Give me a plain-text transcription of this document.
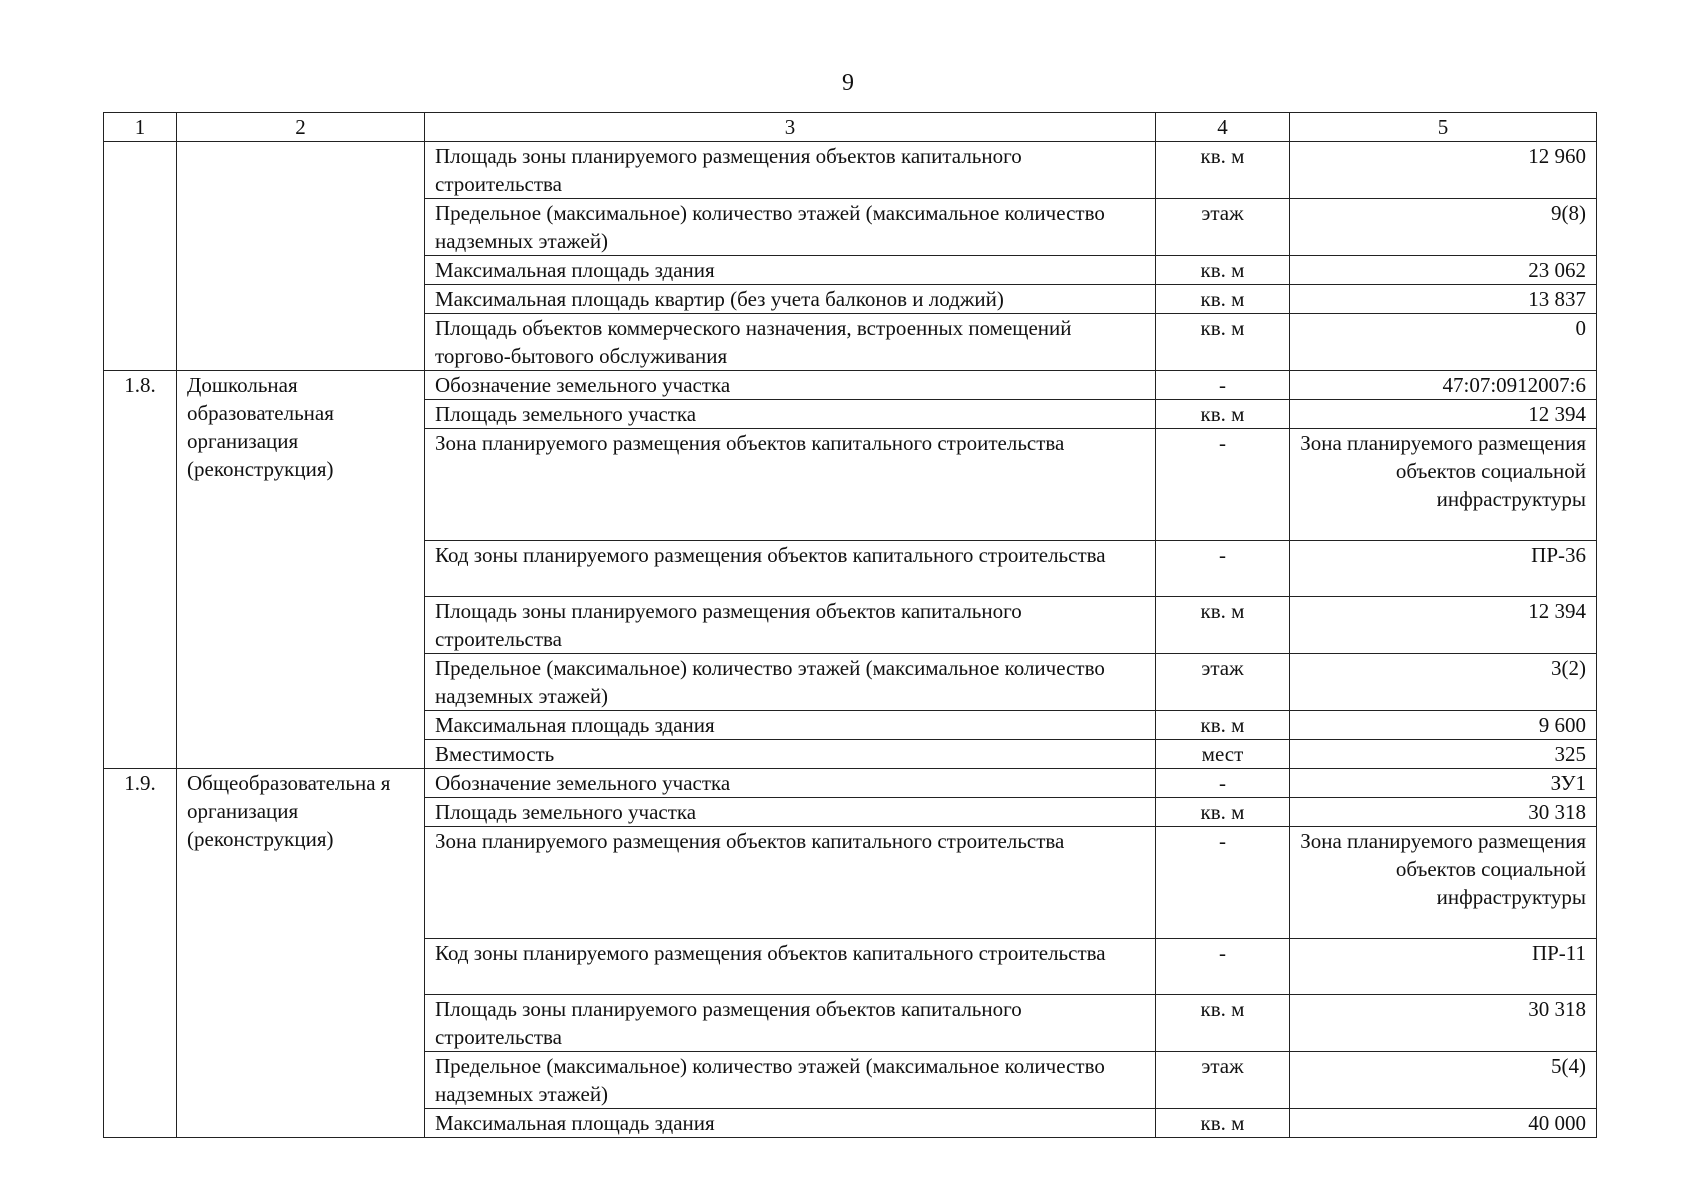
9
1	2	3	4	5
		Площадь зоны планируемого размещения объектов капитального строительства	кв. м	12 960
		Предельное (максимальное) количество этажей (максимальное количество надземных этажей)	этаж	9(8)
		Максимальная площадь здания	кв. м	23 062
		Максимальная площадь квартир (без учета балконов и лоджий)	кв. м	13 837
		Площадь объектов коммерческого назначения, встроенных помещений торгово-бытового обслуживания	кв. м	0
1.8.	Дошкольная образовательная организация (реконструкция)	Обозначение земельного участка	-	47:07:0912007:6
		Площадь земельного участка	кв. м	12 394
		Зона планируемого размещения объектов капитального строительства	-	Зона планируемого размещения объектов социальной инфраструктуры
		Код зоны планируемого размещения объектов капитального строительства	-	ПР-36
		Площадь зоны планируемого размещения объектов капитального строительства	кв. м	12 394
		Предельное (максимальное) количество этажей (максимальное количество надземных этажей)	этаж	3(2)
		Максимальная площадь здания	кв. м	9 600
		Вместимость	мест	325
1.9.	Общеобразовательна я организация (реконструкция)	Обозначение земельного участка	-	ЗУ1
		Площадь земельного участка	кв. м	30 318
		Зона планируемого размещения объектов капитального строительства	-	Зона планируемого размещения объектов социальной инфраструктуры
		Код зоны планируемого размещения объектов капитального строительства	-	ПР-11
		Площадь зоны планируемого размещения объектов капитального строительства	кв. м	30 318
		Предельное (максимальное) количество этажей (максимальное количество надземных этажей)	этаж	5(4)
		Максимальная площадь здания	кв. м	40 000
